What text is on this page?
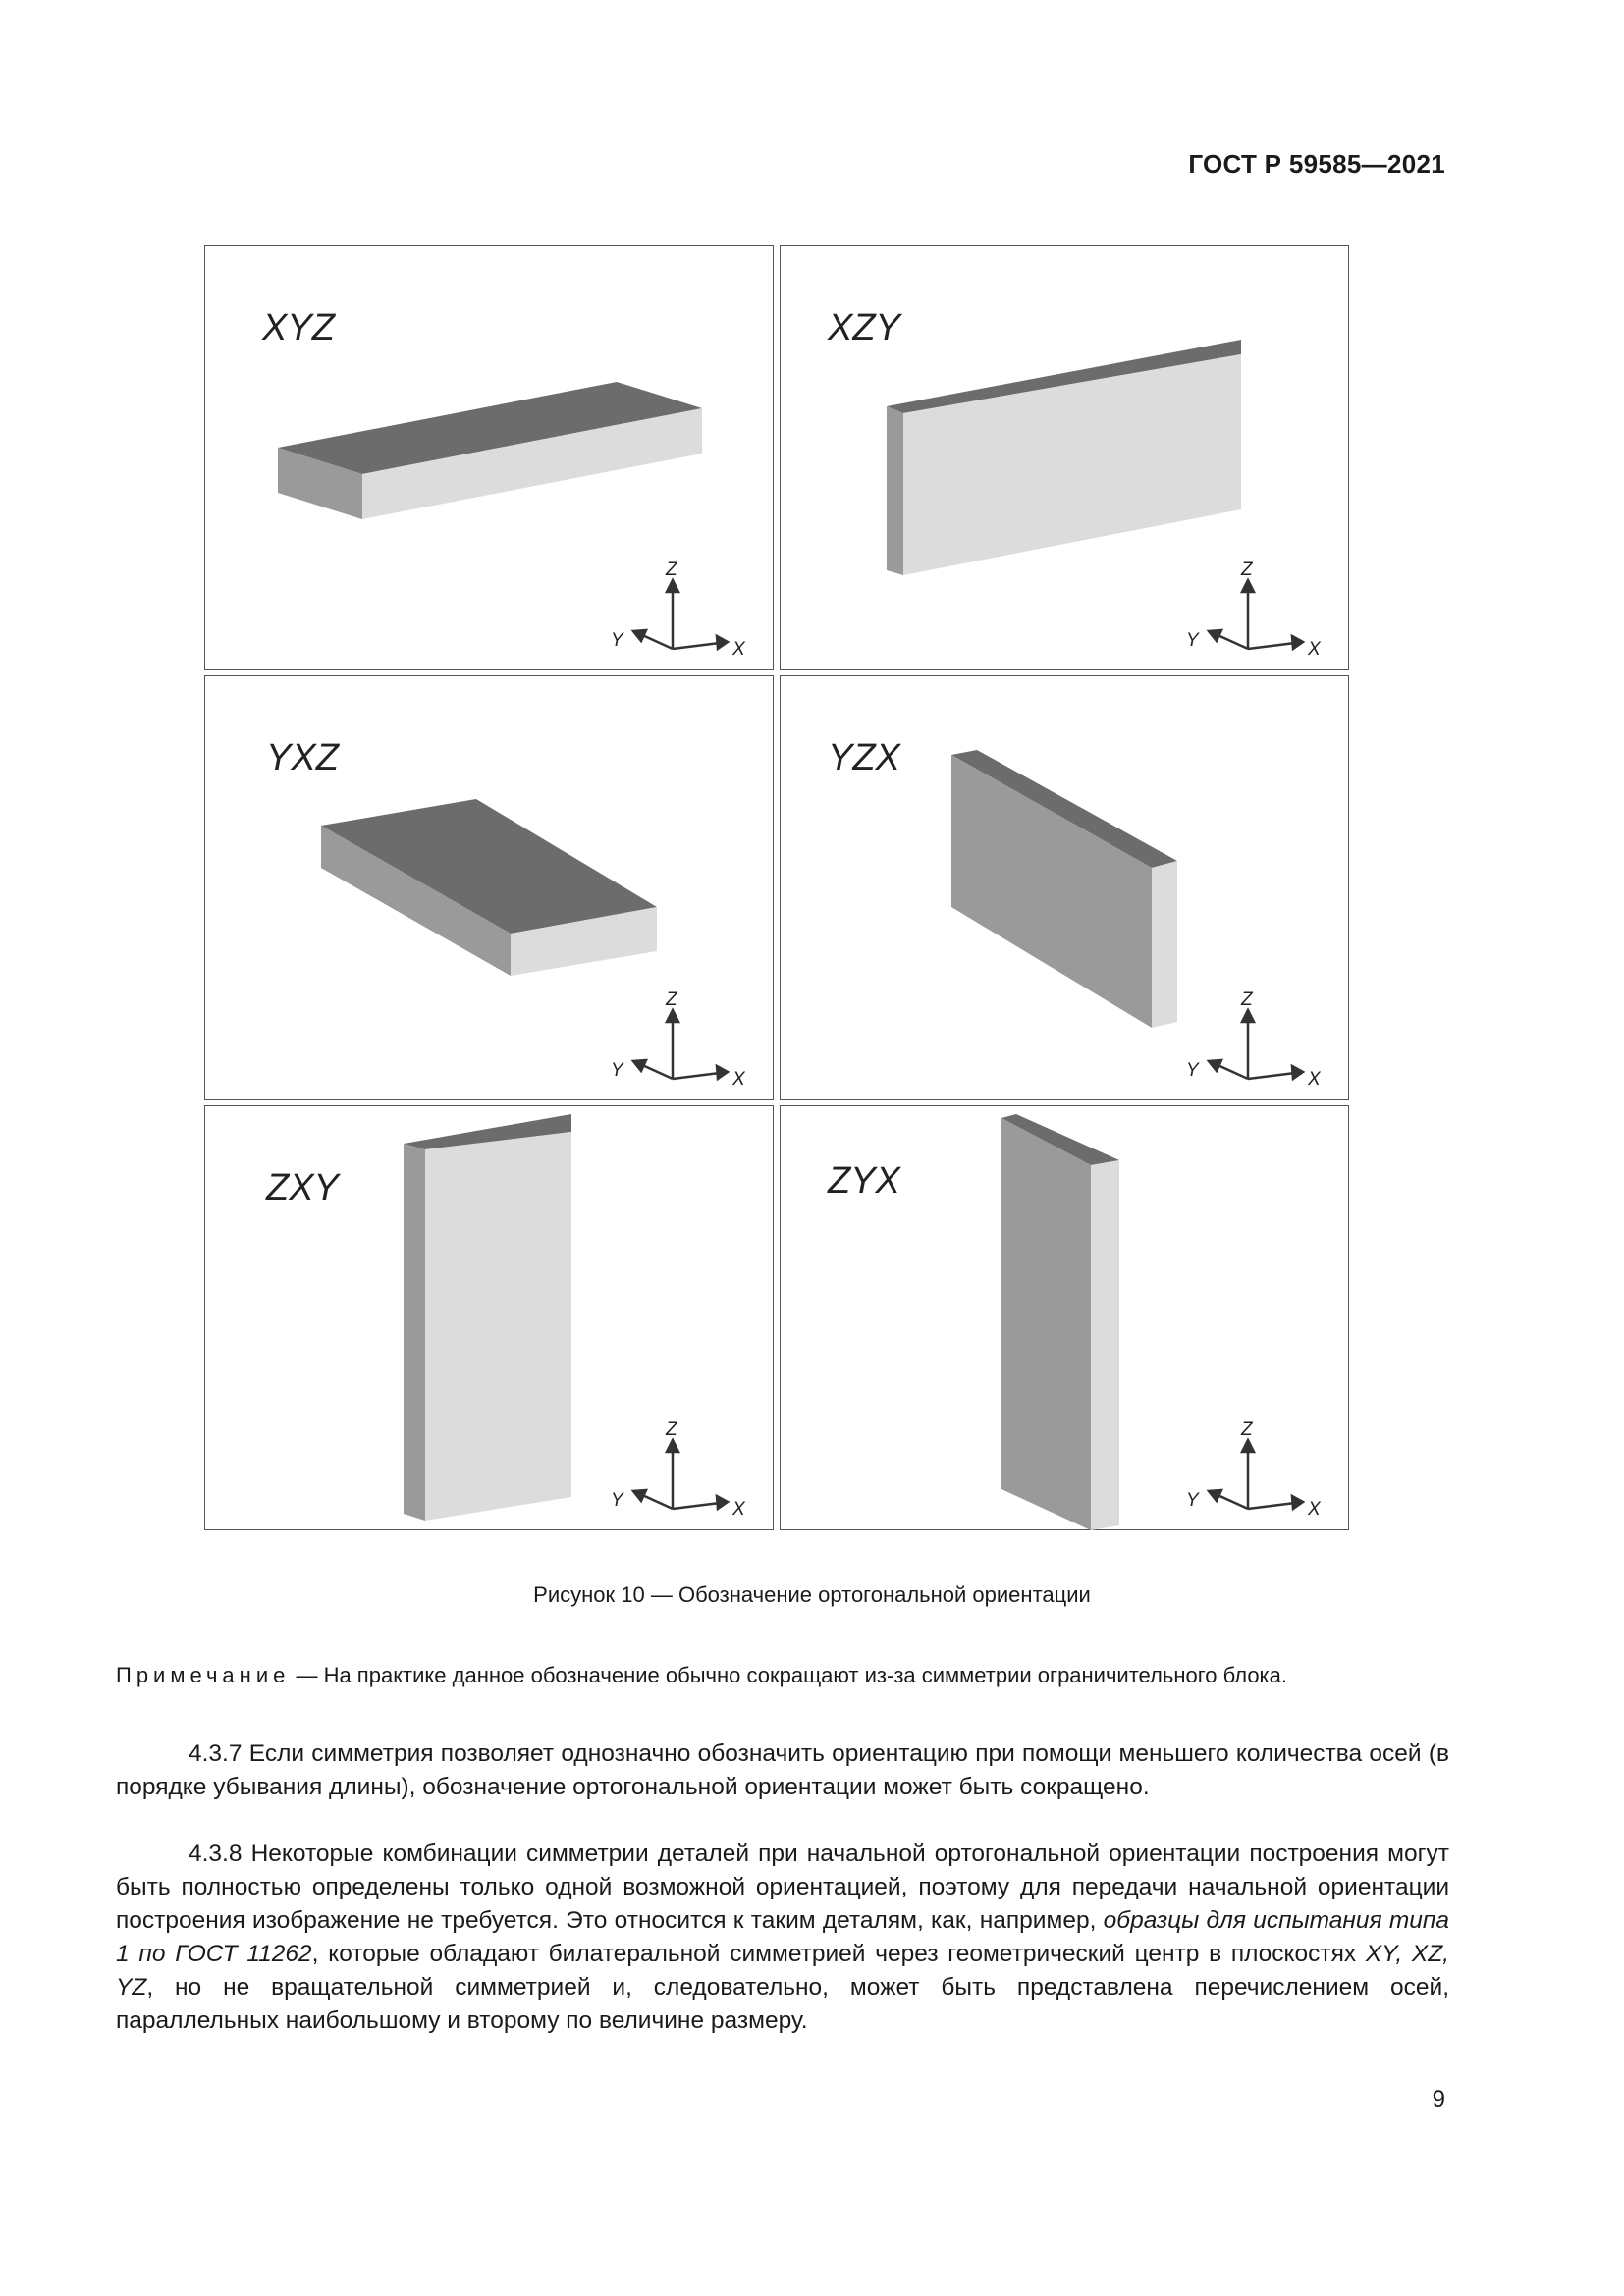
ГОСТ Р 59585—2021
XYZ
Z
Y	X
XZY
Z
Y	X
YXZ
Z
Y	X
YZX
Z
Y	X
ZXY
Z
Y	X
ZYX
Z
Y	X
Рисунок 10 — Обозначение ортогональной ориентации
Примечание — На практике данное обозначение обычно сокращают из-за симметрии ограничительного блока.
4.3.7 Если симметрия позволяет однозначно обозначить ориентацию при помощи меньшего количества осей (в порядке убывания длины), обозначение ортогональной ориентации может быть сокращено.
4.3.8 Некоторые комбинации симметрии деталей при начальной ортогональной ориентации построения могут быть полностью определены только одной возможной ориентацией, поэтому для передачи начальной ориентации построения изображение не требуется. Это относится к таким деталям, как, например, образцы для испытания типа 1 по ГОСТ 11262, которые обладают билатеральной симметрией через геометрический центр в плоскостях XY, XZ, YZ, но не вращательной симметрией и, следовательно, может быть представлена перечислением осей, параллельных наибольшому и второму по величине размеру.
9
